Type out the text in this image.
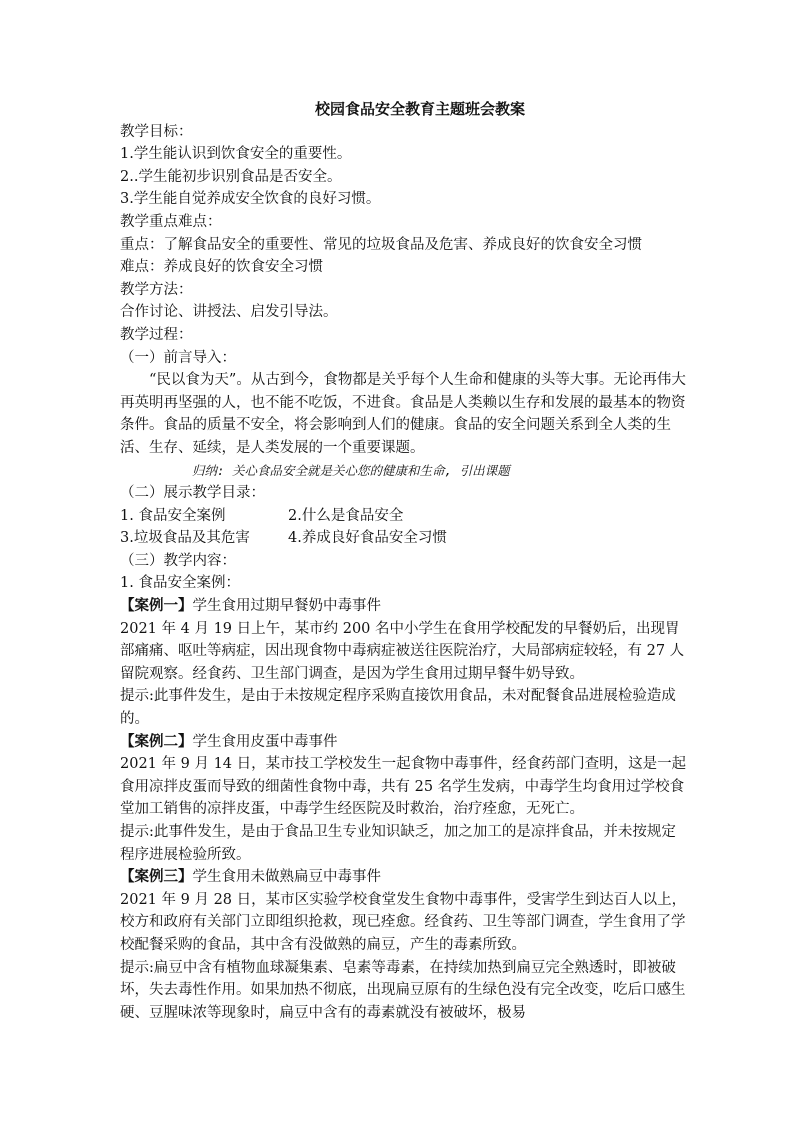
校园食品安全教育主题班会教案
教学目标：
1.学生能认识到饮食安全的重要性。
2..学生能初步识别食品是否安全。
3.学生能自觉养成安全饮食的良好习惯。
教学重点难点：
重点：了解食品安全的重要性、常见的垃圾食品及危害、养成良好的饮食安全习惯
难点：养成良好的饮食安全习惯
教学方法：
合作讨论、讲授法、启发引导法。
教学过程：
（一）前言导入：
“民以食为天”。从古到今，食物都是关乎每个人生命和健康的头等大事。无论再伟大再英明再坚强的人，也不能不吃饭，不进食。食品是人类赖以生存和发展的最基本的物资条件。食品的质量不安全，将会影响到人们的健康。食品的安全问题关系到全人类的生活、生存、延续，是人类发展的一个重要课题。
归纳: 关心食品安全就是关心您的健康和生命, 引出课题
（二）展示教学目录：
1. 食品安全案例	2.什么是食品安全
3.垃圾食品及其危害	4.养成良好食品安全习惯
（三）教学内容：
1. 食品安全案例：
【案例一】学生食用过期早餐奶中毒事件
2021 年 4 月 19 日上午，某市约 200 名中小学生在食用学校配发的早餐奶后，出现胃部痛痛、呕吐等病症，因出现食物中毒病症被送往医院治疗，大局部病症较轻，有 27 人留院观察。经食药、卫生部门调查，是因为学生食用过期早餐牛奶导致。
提示:此事件发生，是由于未按规定程序采购直接饮用食品，未对配餐食品进展检验造成的。
【案例二】学生食用皮蛋中毒事件
2021 年 9 月 14 日，某市技工学校发生一起食物中毒事件，经食药部门查明，这是一起食用凉拌皮蛋而导致的细菌性食物中毒，共有 25 名学生发病，中毒学生均食用过学校食堂加工销售的凉拌皮蛋，中毒学生经医院及时救治，治疗痊愈，无死亡。
提示:此事件发生，是由于食品卫生专业知识缺乏，加之加工的是凉拌食品，并未按规定程序进展检验所致。
【案例三】学生食用未做熟扁豆中毒事件
2021 年 9 月 28 日，某市区实验学校食堂发生食物中毒事件，受害学生到达百人以上，校方和政府有关部门立即组织抢救，现已痊愈。经食药、卫生等部门调查，学生食用了学校配餐采购的食品，其中含有没做熟的扁豆，产生的毒素所致。
提示:扁豆中含有植物血球凝集素、皂素等毒素，在持续加热到扁豆完全熟透时，即被破坏，失去毒性作用。如果加热不彻底，出现扁豆原有的生绿色没有完全改变，吃后口感生硬、豆腥味浓等现象时，扁豆中含有的毒素就没有被破坏，极易
